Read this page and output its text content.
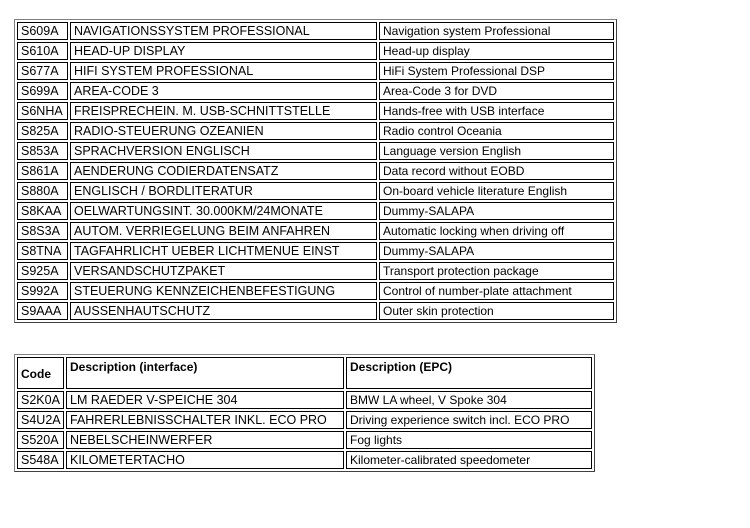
S609A	NAVIGATIONSSYSTEM PROFESSIONAL	Navigation system Professional
S610A	HEAD-UP DISPLAY	Head-up display
S677A	HIFI SYSTEM PROFESSIONAL	HiFi System Professional DSP
S699A	AREA-CODE 3	Area-Code 3 for DVD
S6NHA	FREISPRECHEIN. M. USB-SCHNITTSTELLE	Hands-free with USB interface
S825A	RADIO-STEUERUNG OZEANIEN	Radio control Oceania
S853A	SPRACHVERSION ENGLISCH	Language version English
S861A	AENDERUNG CODIERDATENSATZ	Data record without EOBD
S880A	ENGLISCH / BORDLITERATUR	On-board vehicle literature English
S8KAA	OELWARTUNGSINT. 30.000KM/24MONATE	Dummy-SALAPA
S8S3A	AUTOM. VERRIEGELUNG BEIM ANFAHREN	Automatic locking when driving off
S8TNA	TAGFAHRLICHT UEBER LICHTMENUE EINST	Dummy-SALAPA
S925A	VERSANDSCHUTZPAKET	Transport protection package
S992A	STEUERUNG KENNZEICHENBEFESTIGUNG	Control of number-plate attachment
S9AAA	AUSSENHAUTSCHUTZ	Outer skin protection
Code	Description (interface)	Description (EPC)
S2K0A	LM RAEDER V-SPEICHE 304	BMW LA wheel, V Spoke 304
S4U2A	FAHRERLEBNISSCHALTER INKL. ECO PRO	Driving experience switch incl. ECO PRO
S520A	NEBELSCHEINWERFER	Fog lights
S548A	KILOMETERTACHO	Kilometer-calibrated speedometer
